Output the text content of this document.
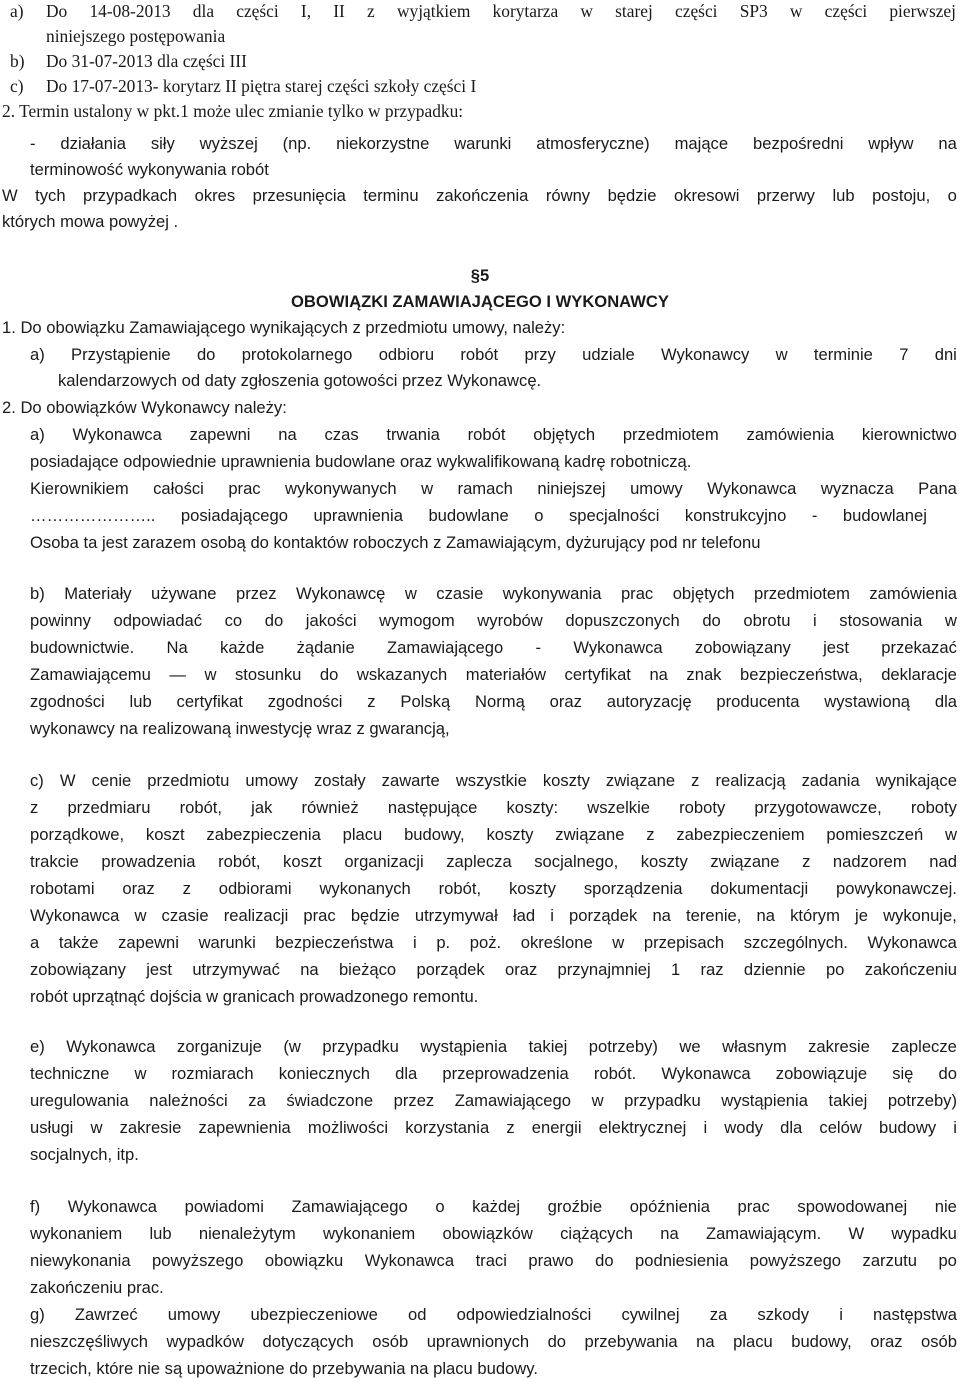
a) Do 14-08-2013 dla części I, II z wyjątkiem korytarza w starej części SP3 w części pierwszej
niniejszego postępowania
b) Do 31-07-2013 dla części III
c) Do 17-07-2013- korytarz II piętra starej części szkoły części I
2. Termin ustalony w pkt.1 może ulec zmianie tylko w przypadku:
- działania siły wyższej (np. niekorzystne warunki atmosferyczne) mające bezpośredni wpływ na
terminowość wykonywania robót
W tych przypadkach okres przesunięcia terminu zakończenia równy będzie okresowi przerwy lub postoju, o
których mowa powyżej .
§5
OBOWIĄZKI ZAMAWIAJĄCEGO I WYKONAWCY
1. Do obowiązku Zamawiającego wynikających z przedmiotu umowy, należy:
a) Przystąpienie do protokolarnego odbioru robót przy udziale Wykonawcy w terminie 7 dni
kalendarzowych od daty zgłoszenia gotowości przez Wykonawcę.
2. Do obowiązków Wykonawcy należy:
a) Wykonawca zapewni na czas trwania robót objętych przedmiotem zamówienia kierownictwo
posiadające odpowiednie uprawnienia budowlane oraz wykwalifikowaną kadrę robotniczą.
Kierownikiem całości prac wykonywanych w ramach niniejszej umowy Wykonawca wyznacza Pana
………………….. posiadającego uprawnienia budowlane o specjalności konstrukcyjno - budowlanej
Osoba ta jest zarazem osobą do kontaktów roboczych z Zamawiającym, dyżurujący pod nr telefonu
b) Materiały używane przez Wykonawcę w czasie wykonywania prac objętych przedmiotem zamówienia
powinny odpowiadać co do jakości wymogom wyrobów dopuszczonych do obrotu i stosowania w
budownictwie. Na każde żądanie Zamawiającego - Wykonawca zobowiązany jest przekazać
Zamawiającemu — w stosunku do wskazanych materiałów certyfikat na znak bezpieczeństwa, deklaracje
zgodności lub certyfikat zgodności z Polską Normą oraz autoryzację producenta wystawioną dla
wykonawcy na realizowaną inwestycję wraz z gwarancją,
c) W cenie przedmiotu umowy zostały zawarte wszystkie koszty związane z realizacją zadania wynikające
z przedmiaru robót, jak również następujące koszty: wszelkie roboty przygotowawcze, roboty
porządkowe, koszt zabezpieczenia placu budowy, koszty związane z zabezpieczeniem pomieszczeń w
trakcie prowadzenia robót, koszt organizacji zaplecza socjalnego, koszty związane z nadzorem nad
robotami oraz z odbiorami wykonanych robót, koszty sporządzenia dokumentacji powykonawczej.
Wykonawca w czasie realizacji prac będzie utrzymywał ład i porządek na terenie, na którym je wykonuje,
a także zapewni warunki bezpieczeństwa i p. poż. określone w przepisach szczególnych. Wykonawca
zobowiązany jest utrzymywać na bieżąco porządek oraz przynajmniej 1 raz dziennie po zakończeniu
robót uprzątnąć dojścia w granicach prowadzonego remontu.
e) Wykonawca zorganizuje (w przypadku wystąpienia takiej potrzeby) we własnym zakresie zaplecze
techniczne w rozmiarach koniecznych dla przeprowadzenia robót. Wykonawca zobowiązuje się do
uregulowania należności za świadczone przez Zamawiającego w przypadku wystąpienia takiej potrzeby)
usługi w zakresie zapewnienia możliwości korzystania z energii elektrycznej i wody dla celów budowy i
socjalnych, itp.
f) Wykonawca powiadomi Zamawiającego o każdej groźbie opóźnienia prac spowodowanej nie
wykonaniem lub nienależytym wykonaniem obowiązków ciążących na Zamawiającym. W wypadku
niewykonania powyższego obowiązku Wykonawca traci prawo do podniesienia powyższego zarzutu po
zakończeniu prac.
g) Zawrzeć umowy ubezpieczeniowe od odpowiedzialności cywilnej za szkody i następstwa
nieszczęśliwych wypadków dotyczących osób uprawnionych do przebywania na placu budowy, oraz osób
trzecich, które nie są upoważnione do przebywania na placu budowy.
